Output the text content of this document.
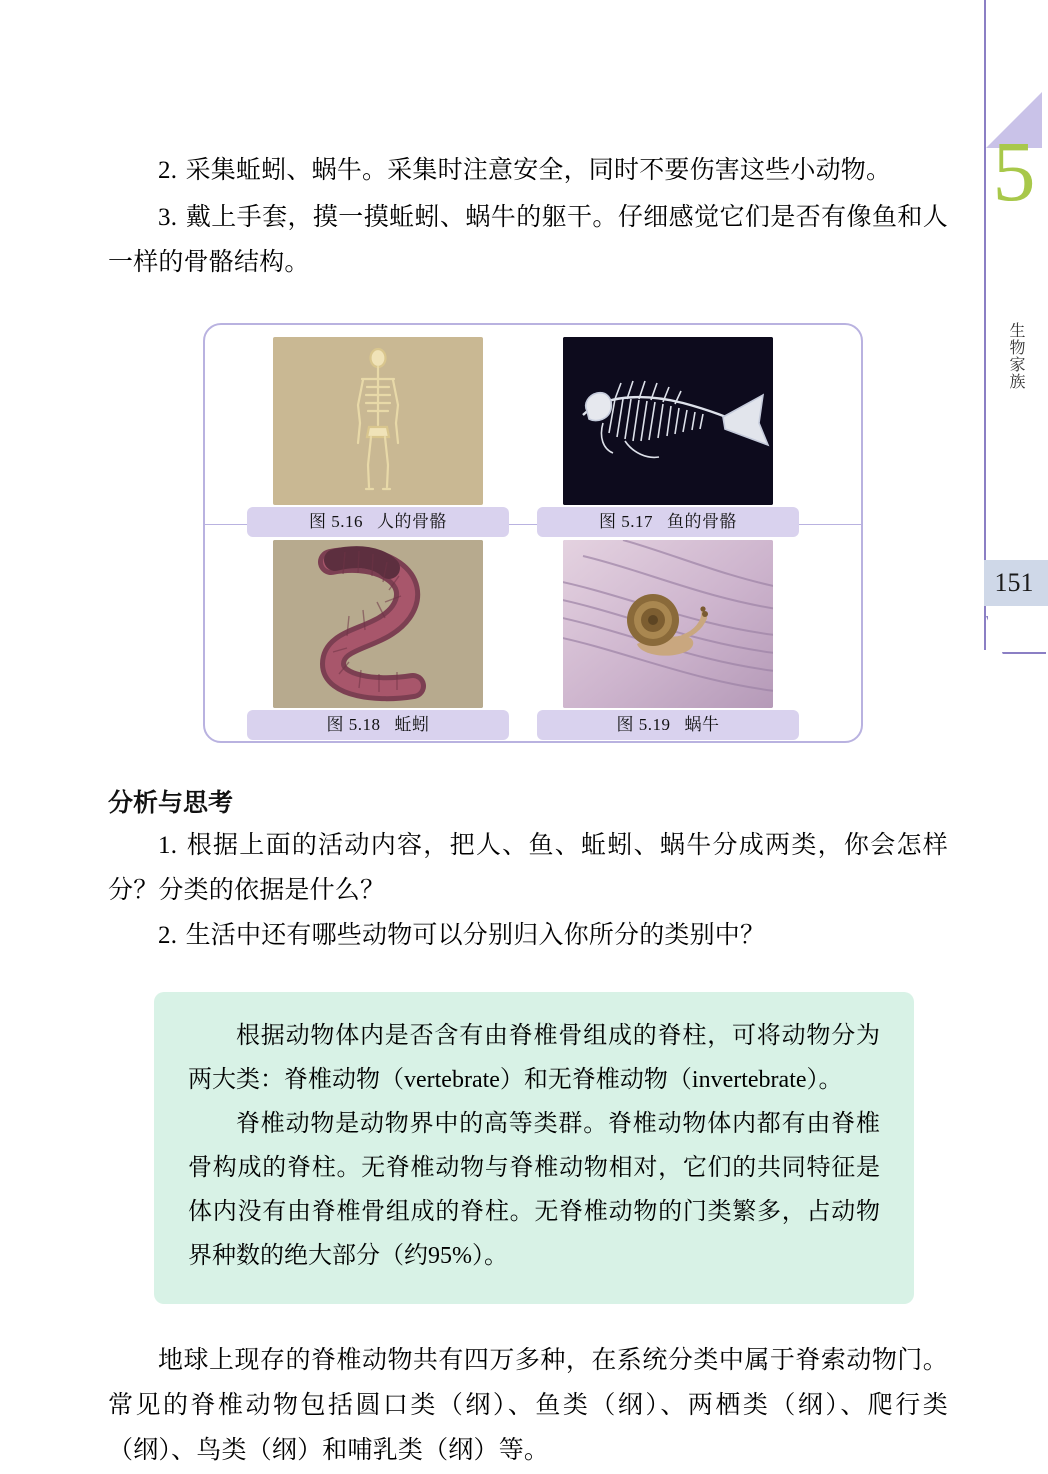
5
生物家族
151

2. 采集蚯蚓、蜗牛。采集时注意安全，同时不要伤害这些小动物。

3. 戴上手套，摸一摸蚯蚓、蜗牛的躯干。仔细感觉它们是否有像鱼和人一样的骨骼结构。

图 5.16 人的骨骼	图 5.17 鱼的骨骼
图 5.18 蚯蚓	图 5.19 蜗牛
分析与思考

1. 根据上面的活动内容，把人、鱼、蚯蚓、蜗牛分成两类，你会怎样分？分类的依据是什么？

2. 生活中还有哪些动物可以分别归入你所分的类别中？

根据动物体内是否含有由脊椎骨组成的脊柱，可将动物分为两大类：脊椎动物（vertebrate）和无脊椎动物（invertebrate）。

脊椎动物是动物界中的高等类群。脊椎动物体内都有由脊椎骨构成的脊柱。无脊椎动物与脊椎动物相对，它们的共同特征是体内没有由脊椎骨组成的脊柱。无脊椎动物的门类繁多，占动物界种数的绝大部分（约95%）。

地球上现存的脊椎动物共有四万多种，在系统分类中属于脊索动物门。常见的脊椎动物包括圆口类（纲）、鱼类（纲）、两栖类（纲）、爬行类（纲）、鸟类（纲）和哺乳类（纲）等。
